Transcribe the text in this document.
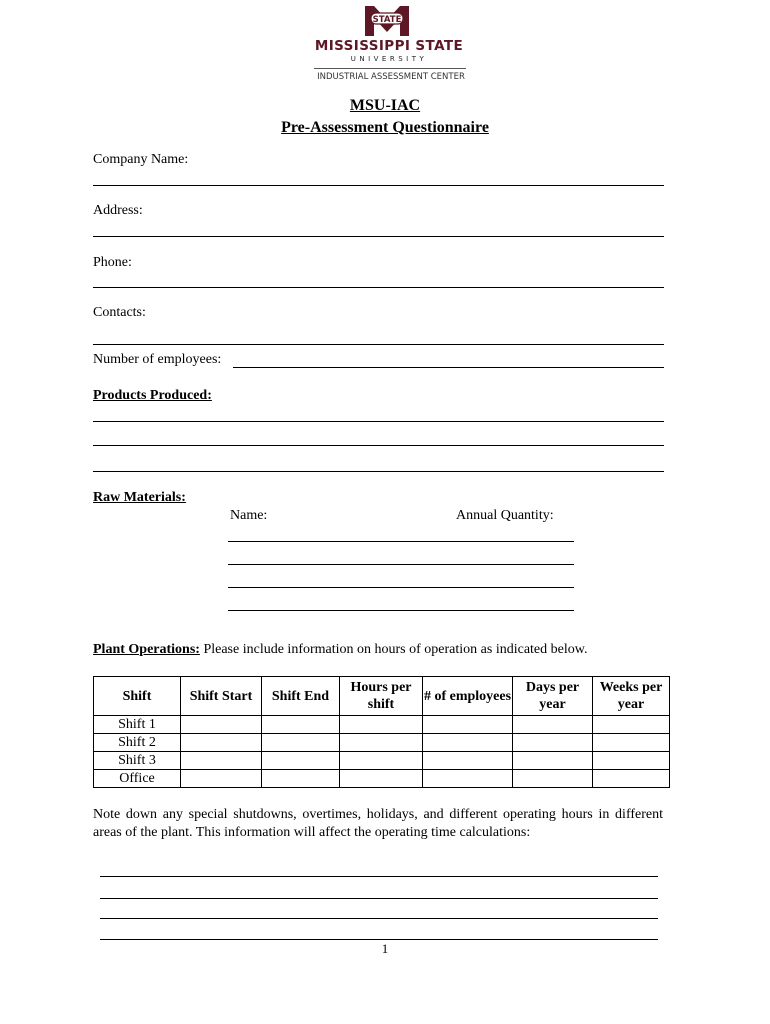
STATE
MISSISSIPPI STATE
UNIVERSITY
INDUSTRIAL ASSESSMENT CENTER
MSU-IAC
Pre-Assessment Questionnaire
Company Name:
Address:
Phone:
Contacts:
Number of employees:
Products Produced:
Raw Materials:
Name:	Annual Quantity:
Plant Operations: Please include information on hours of operation as indicated below.
Shift	Shift Start	Shift End	Hours per shift	# of employees	Days per year	Weeks per year
Shift 1						
Shift 2						
Shift 3						
Office						
Note down any special shutdowns, overtimes, holidays, and different operating hours in different areas of the plant. This information will affect the operating time calculations:
1
